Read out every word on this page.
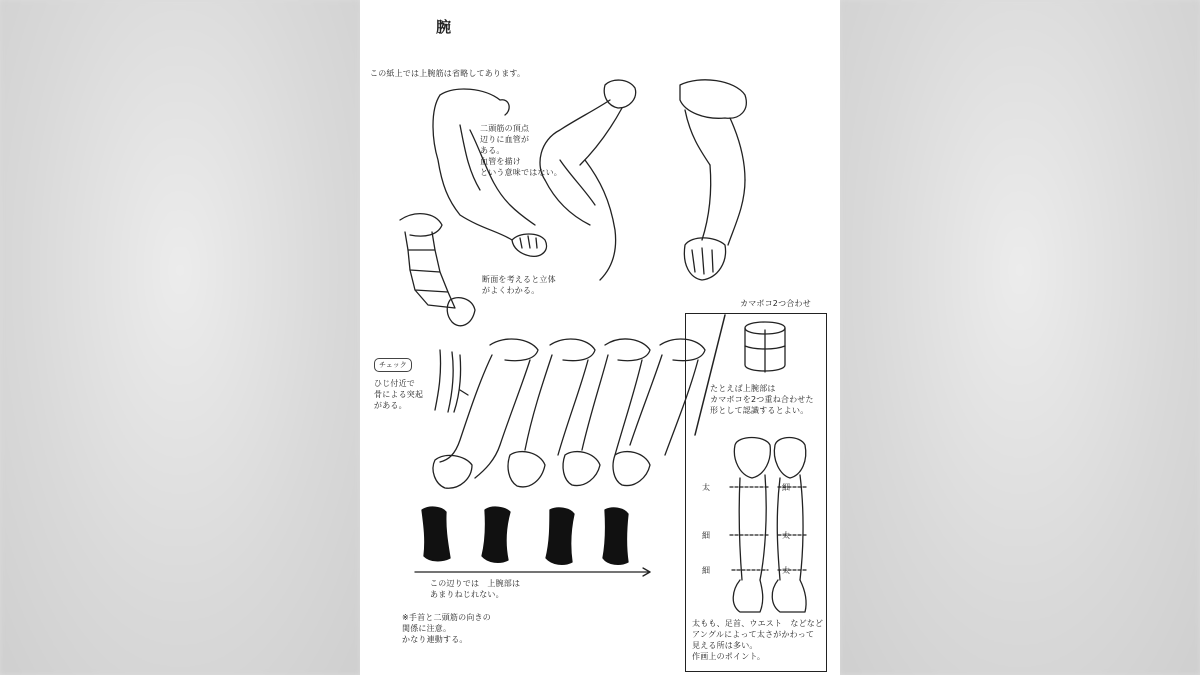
腕
この紙上では上腕筋は省略してあります。
二頭筋の頂点
辺りに血管が
ある。
血管を描け
という意味ではない。
断面を考えると立体
がよくわかる。
チェック
ひじ付近で
骨による突起
がある。
この辺りでは　上腕部は
あまりねじれない。
※手首と二頭筋の向きの
関係に注意。
かなり連動する。
カマボコ2つ合わせ
たとえば上腕部は
カマボコを2つ重ね合わせた
形として認識するとよい。
太	細
細	太
細	太
太もも、足首、ウエスト　などなど
アングルによって太さがかわって
見える所は多い。
作画上のポイント。
